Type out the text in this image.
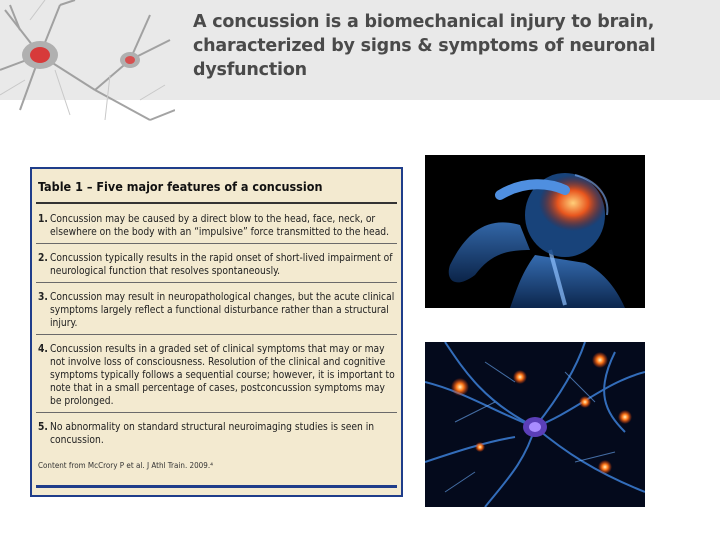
A concussion is a biomechanical injury to brain, characterized by signs & symptoms of neuronal dysfunction
Table 1 – Five major features of a concussion
1. Concussion may be caused by a direct blow to the head, face, neck, or elsewhere on the body with an “impulsive” force transmitted to the head.
2. Concussion typically results in the rapid onset of short-lived impairment of neurological function that resolves spontaneously.
3. Concussion may result in neuropathological changes, but the acute clinical symptoms largely reflect a functional disturbance rather than a structural injury.
4. Concussion results in a graded set of clinical symptoms that may or may not involve loss of consciousness. Resolution of the clinical and cognitive symptoms typically follows a sequential course; however, it is important to note that in a small percentage of cases, postconcussion symptoms may be prolonged.
5. No abnormality on standard structural neuroimaging studies is seen in concussion.
Content from McCrory P et al. J Athl Train. 2009.⁴
